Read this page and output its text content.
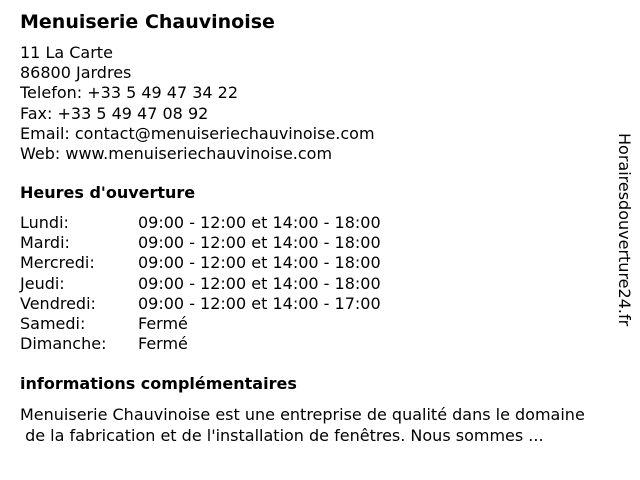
Menuiserie Chauvinoise
11 La Carte
86800 Jardres
Telefon: +33 5 49 47 34 22
Fax: +33 5 49 47 08 92
Email: contact@menuiseriechauvinoise.com
Web: www.menuiseriechauvinoise.com
Heures d'ouverture
Lundi:	09:00 - 12:00 et 14:00 - 18:00
Mardi:	09:00 - 12:00 et 14:00 - 18:00
Mercredi:	09:00 - 12:00 et 14:00 - 18:00
Jeudi:	09:00 - 12:00 et 14:00 - 18:00
Vendredi:	09:00 - 12:00 et 14:00 - 17:00
Samedi:	Fermé
Dimanche: Fermé
informations complémentaires
Menuiserie Chauvinoise est une entreprise de qualité dans le domaine
de la fabrication et de l'installation de fenêtres. Nous sommes ...
Horairesdouverture24.fr
